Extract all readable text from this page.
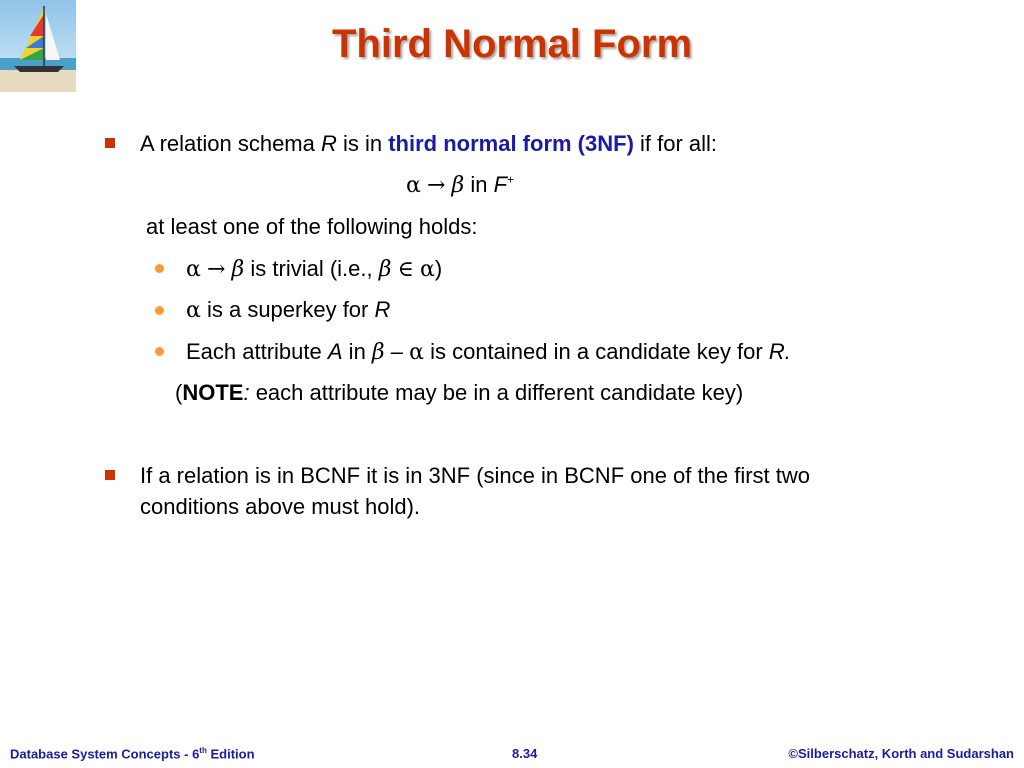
Third Normal Form
A relation schema R is in third normal form (3NF) if for all:
α → β in F+
at least one of the following holds:
α → β is trivial (i.e., β ∈ α)
α is a superkey for R
Each attribute A in β – α is contained in a candidate key for R.
(NOTE: each attribute may be in a different candidate key)
If a relation is in BCNF it is in 3NF (since in BCNF one of the first two
conditions above must hold).
Database System Concepts - 6th Edition	8.34	©Silberschatz, Korth and Sudarshan
